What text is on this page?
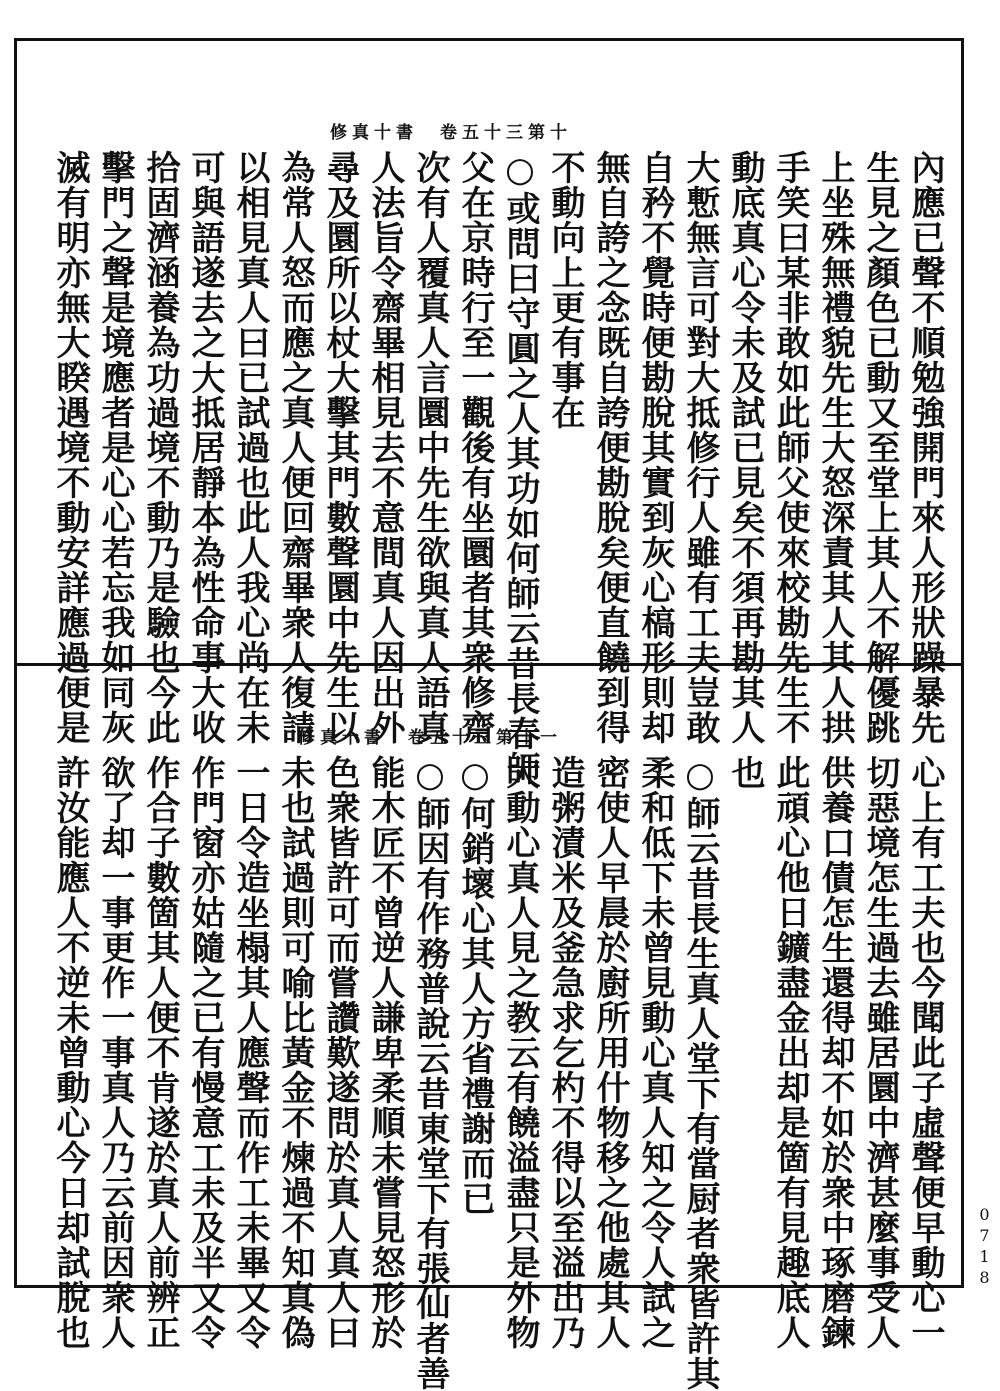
修真十書　卷五十三第十
修真十書　卷五十三第十一	內應已聲不順勉強開門來人形狀躁暴先
生見之顏色已動又至堂上其人不解優跳
上坐殊無禮貌先生大怒深責其人其人拱
手笑曰某非敢如此師父使來校勘先生不
動底真心令未及試已見矣不須再勘其人
大慙無言可對大抵修行人雖有工夫豈敢
自矜不覺時便勘脫其實到灰心槁形則却
無自誇之念既自誇便勘脫矣便直饒到得
不動向上更有事在
○或問曰守圓之人其功如何師云昔長春師
父在京時行至一觀後有坐圜者其衆修齋
次有人覆真人言圜中先生欲與真人語真
人法旨令齋畢相見去不意間真人因出外
尋及圜所以杖大擊其門數聲圜中先生以
為常人怒而應之真人便回齋畢衆人復請
以相見真人曰已試過也此人我心尚在未
可與語遂去之大抵居靜本為性命事大收
拾固濟涵養為功過境不動乃是驗也今此
擊門之聲是境應者是心心若忘我如同灰
滅有明亦無大睽遇境不動安詳應過便是
心上有工夫也今聞此子虛聲便早動心一
切惡境怎生過去雖居圜中濟甚麼事受人
供養口債怎生還得却不如於衆中琢磨鍊
此頑心他日鑛盡金出却是箇有見趣底人
也
○師云昔長生真人堂下有當厨者衆皆許其
柔和低下未曾見動心真人知之令人試之
密使人早晨於廚所用什物移之他處其人
造粥漬米及釜急求乞杓不得以至溢出乃
大動心真人見之教云有饒溢盡只是外物
○何銷壞心其人方省禮謝而已
○師因有作務普說云昔東堂下有張仙者善
能木匠不曾逆人謙卑柔順未嘗見怒形於
色衆皆許可而嘗讚歎遂問於真人真人曰
未也試過則可喻比黃金不煉過不知真偽
一日令造坐榻其人應聲而作工未畢又令
作門窗亦姑隨之已有慢意工未及半又令
作合子數箇其人便不肯遂於真人前辨正
欲了却一事更作一事真人乃云前因衆人
許汝能應人不逆未曾動心今日却試脫也	0718
